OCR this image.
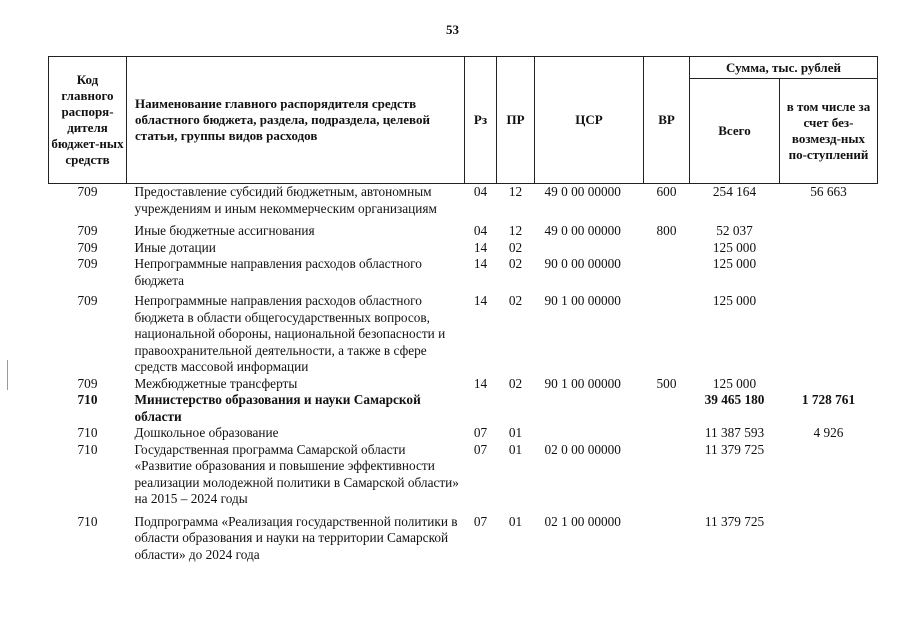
53
Код главного распоря-дителя бюджет-ных средств	Наименование главного распорядителя средств областного бюджета, раздела, подраздела, целевой статьи, группы видов расходов	Рз	ПР	ЦСР	ВР	Сумма, тыс. рублей	
						Всего	в том числе за счет без-возмезд-ных по-ступлений
709	Предоставление субсидий бюджетным, автономным учреждениям и иным некоммерческим организациям	04	12	49 0 00 00000	600	254 164	56 663
709	Иные бюджетные ассигнования	04	12	49 0 00 00000	800	52 037	
709	Иные дотации	14	02			125 000	
709	Непрограммные направления расходов областного бюджета	14	02	90 0 00 00000		125 000	
709	Непрограммные направления расходов областного бюджета в области общегосударственных вопросов, национальной обороны, национальной безопасности и правоохранительной деятельности, а также в сфере средств массовой информации	14	02	90 1 00 00000		125 000	
709	Межбюджетные трансферты	14	02	90 1 00 00000	500	125 000	
710	Министерство образования и науки Самарской области					39 465 180	1 728 761
710	Дошкольное образование	07	01			11 387 593	4 926
710	Государственная программа Самарской области «Развитие образования и повышение эффективности реализации молодежной политики в Самарской области» на 2015 – 2024 годы	07	01	02 0 00 00000		11 379 725	
710	Подпрограмма «Реализация государственной политики в области образования и науки на территории Самарской области» до 2024 года	07	01	02 1 00 00000		11 379 725	
